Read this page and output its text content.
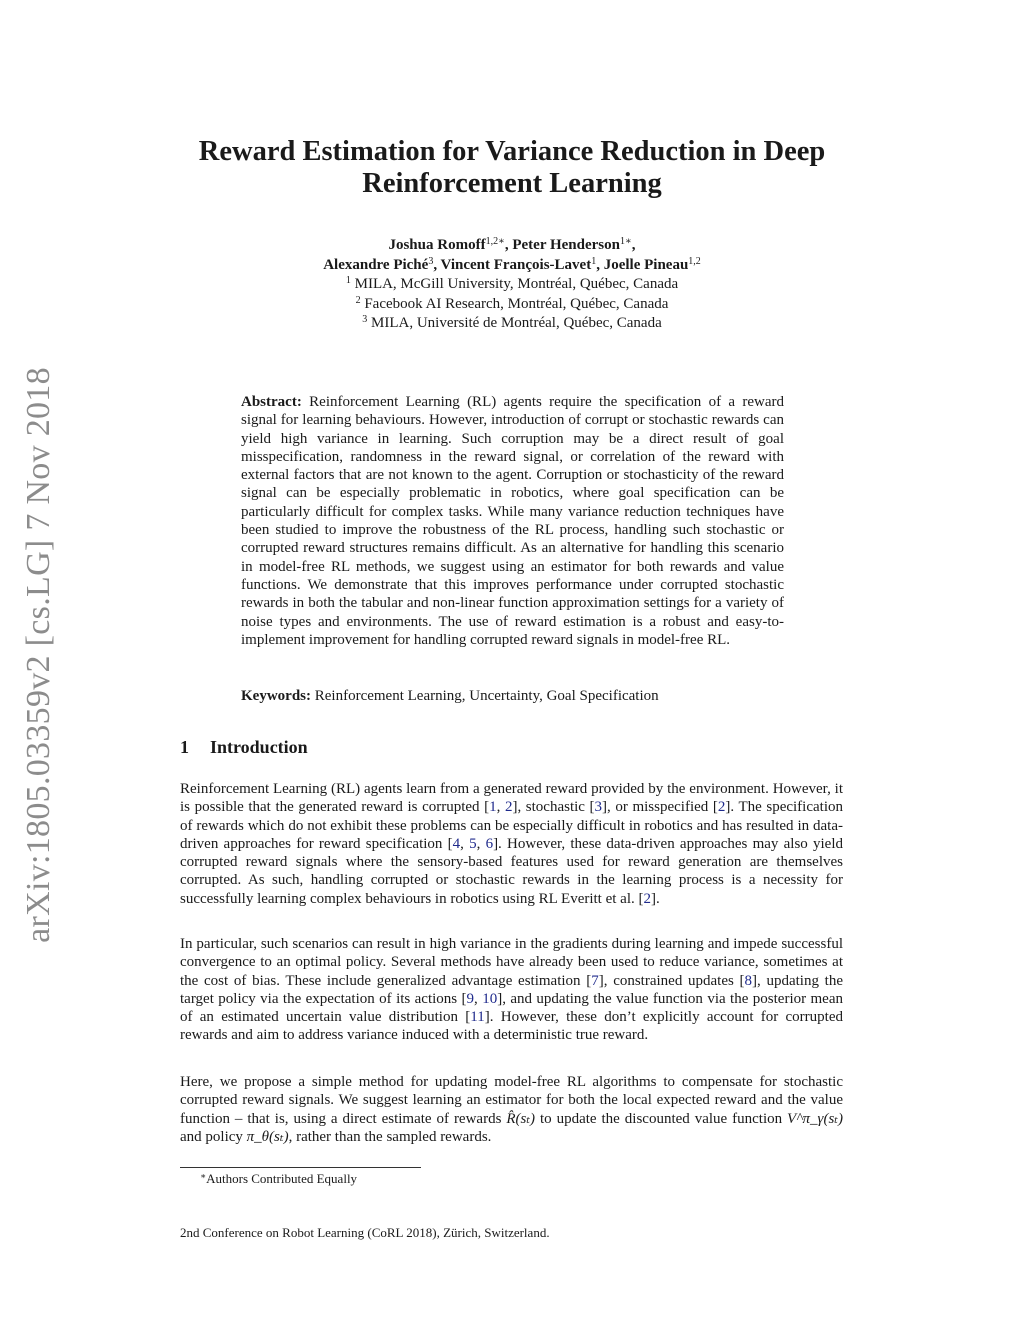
arXiv:1805.03359v2 [cs.LG] 7 Nov 2018
Reward Estimation for Variance Reduction in Deep Reinforcement Learning
Joshua Romoff$^{1,2∗}$, Peter Henderson$^{1∗}$,
Alexandre Piché$^3$, Vincent François-Lavet$^1$, Joelle Pineau$^{1,2}$
$^1$ MILA, McGill University, Montréal, Québec, Canada
$^2$ Facebook AI Research, Montréal, Québec, Canada
$^3$ MILA, Université de Montréal, Québec, Canada

Abstract: Reinforcement Learning (RL) agents require the specification of a reward signal for learning behaviours. However, introduction of corrupt or stochastic rewards can yield high variance in learning. Such corruption may be a direct result of goal misspecification, randomness in the reward signal, or correlation of the reward with external factors that are not known to the agent. Corruption or stochasticity of the reward signal can be especially problematic in robotics, where goal specification can be particularly difficult for complex tasks. While many variance reduction techniques have been studied to improve the robustness of the RL process, handling such stochastic or corrupted reward structures remains difficult. As an alternative for handling this scenario in model-free RL methods, we suggest using an estimator for both rewards and value functions. We demonstrate that this improves performance under corrupted stochastic rewards in both the tabular and non-linear function approximation settings for a variety of noise types and environments. The use of reward estimation is a robust and easy-to-implement improvement for handling corrupted reward signals in model-free RL.

Keywords: Reinforcement Learning, Uncertainty, Goal Specification

1 Introduction

Reinforcement Learning (RL) agents learn from a generated reward provided by the environment. However, it is possible that the generated reward is corrupted [1, 2], stochastic [3], or misspecified [2]. The specification of rewards which do not exhibit these problems can be especially difficult in robotics and has resulted in data-driven approaches for reward specification [4, 5, 6]. However, these data-driven approaches may also yield corrupted reward signals where the sensory-based features used for reward generation are themselves corrupted. As such, handling corrupted or stochastic rewards in the learning process is a necessity for successfully learning complex behaviours in robotics using RL Everitt et al. [2].

In particular, such scenarios can result in high variance in the gradients during learning and impede successful convergence to an optimal policy. Several methods have already been used to reduce variance, sometimes at the cost of bias. These include generalized advantage estimation [7], constrained updates [8], updating the target policy via the expectation of its actions [9, 10], and updating the value function via the posterior mean of an estimated uncertain value distribution [11]. However, these don’t explicitly account for corrupted rewards and aim to address variance induced with a deterministic true reward.

Here, we propose a simple method for updating model-free RL algorithms to compensate for stochastic corrupted reward signals. We suggest learning an estimator for both the local expected reward and the value function – that is, using a direct estimate of rewards R̂(sₜ) to update the discounted value function V^π_γ(sₜ) and policy π_θ(sₜ), rather than the sampled rewards.

∗Authors Contributed Equally
2nd Conference on Robot Learning (CoRL 2018), Zürich, Switzerland.
